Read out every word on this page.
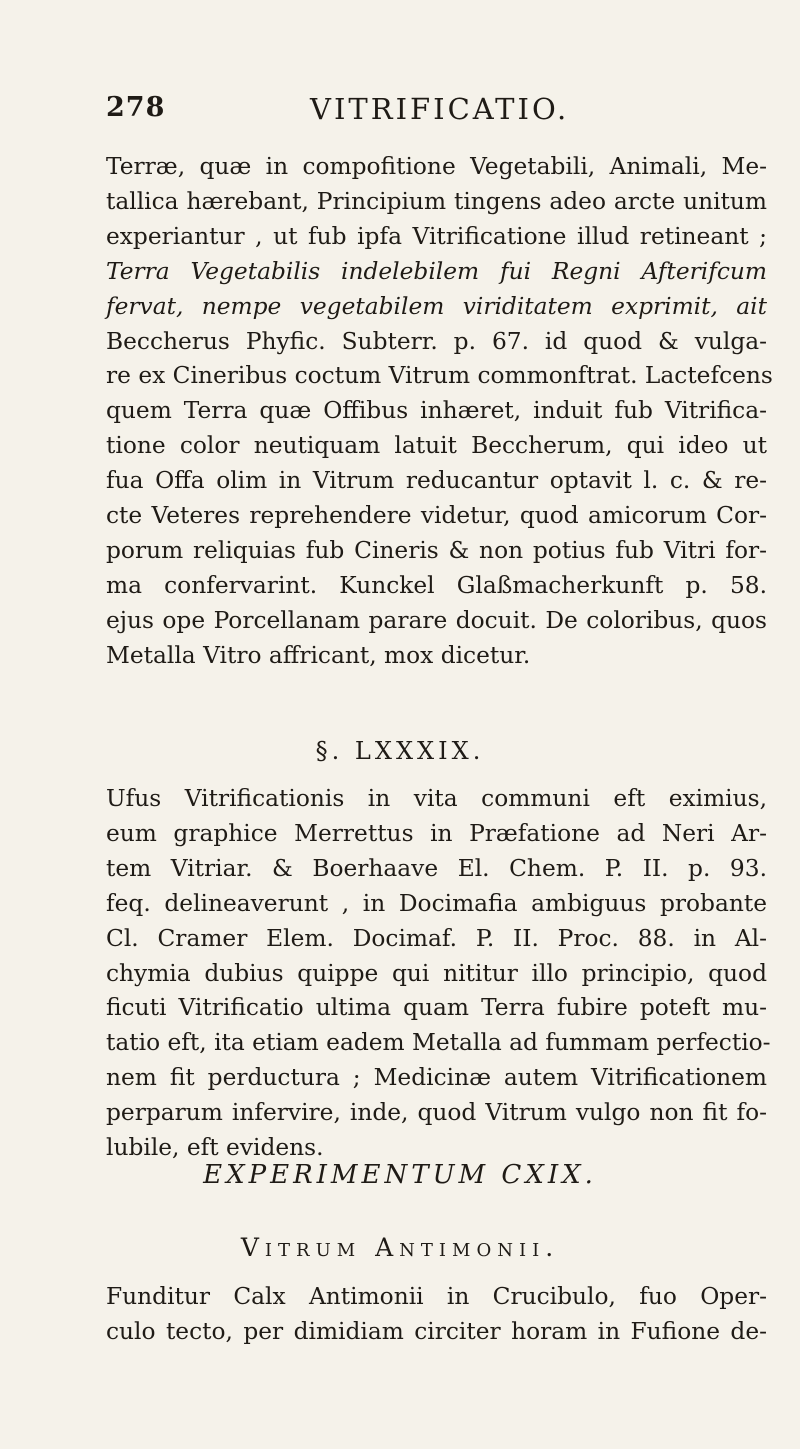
278	VITRIFICATIO.
Terræ, quæ in compofitione Vegetabili, Animali, Me-
tallica hærebant, Principium tingens adeo arcte unitum
experiantur , ut fub ipfa Vitrificatione illud retineant ;
Terra Vegetabilis indelebilem fui Regni Afterifcum
fervat, nempe vegetabilem viriditatem exprimit, ait
Beccherus Phyfic. Subterr. p. 67. id quod & vulga-
re ex Cineribus coctum Vitrum commonftrat. Lactefcens
quem Terra quæ Offibus inhæret, induit fub Vitrifica-
tione color neutiquam latuit Beccherum, qui ideo ut
fua Offa olim in Vitrum reducantur optavit l. c. & re-
cte Veteres reprehendere videtur, quod amicorum Cor-
porum reliquias fub Cineris & non potius fub Vitri for-
ma confervarint. Kunckel Glaßmacherkunft p. 58.
ejus ope Porcellanam parare docuit. De coloribus, quos
Metalla Vitro affricant, mox dicetur.
§. LXXXIX.
Ufus Vitrificationis in vita communi eft eximius,
eum graphice Merrettus in Præfatione ad Neri Ar-
tem Vitriar. & Boerhaave El. Chem. P. II. p. 93.
feq. delineaverunt , in Docimafia ambiguus probante
Cl. Cramer Elem. Docimaf. P. II. Proc. 88. in Al-
chymia dubius quippe qui nititur illo principio, quod
ficuti Vitrificatio ultima quam Terra fubire poteft mu-
tatio eft, ita etiam eadem Metalla ad fummam perfectio-
nem fit perductura ; Medicinæ autem Vitrificationem
perparum infervire, inde, quod Vitrum vulgo non fit fo-
lubile, eft evidens.
EXPERIMENTUM CXIX.
Vitrum Antimonii.
Funditur Calx Antimonii in Crucibulo, fuo Oper-
culo tecto, per dimidiam circiter horam in Fufione de-
